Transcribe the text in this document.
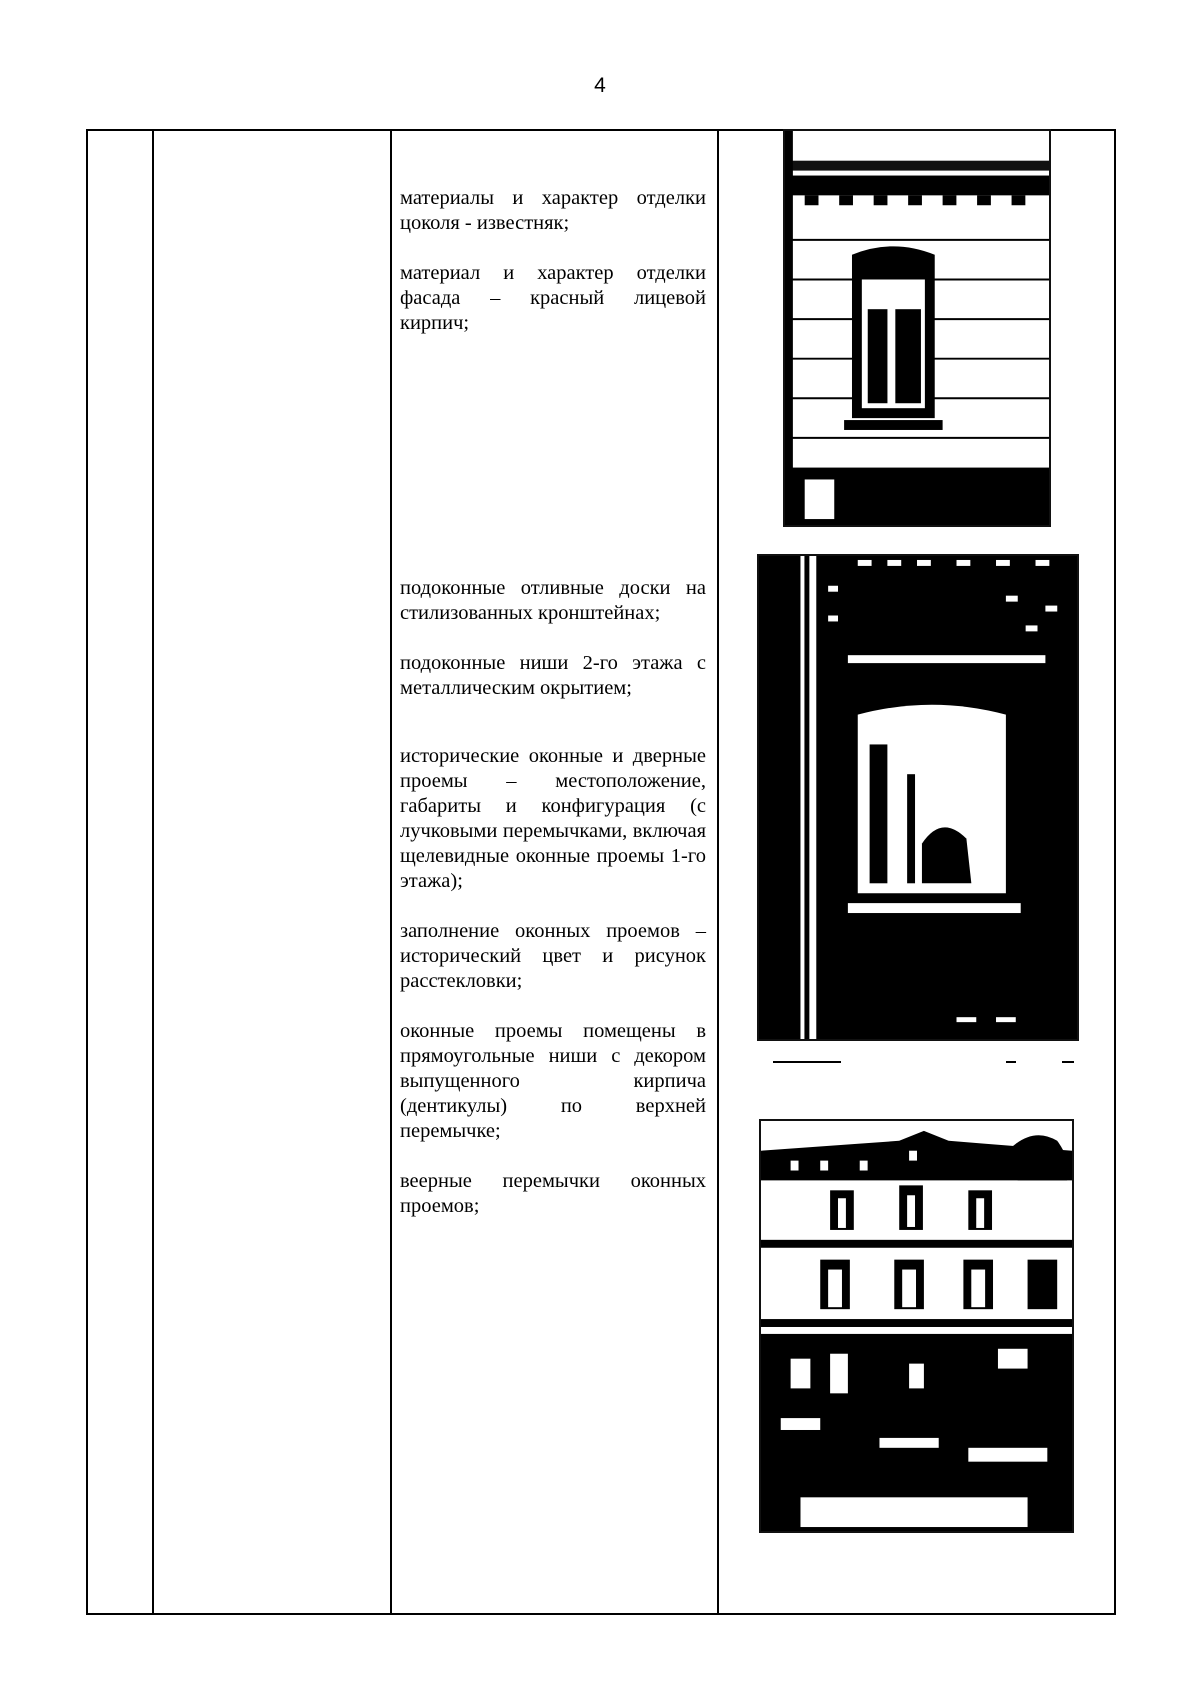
4

материалы и характер отделки цоколя - известняк;

материал и характер отделки фасада – красный лицевой кирпич;

подоконные отливные доски на стилизованных кронштейнах;

подоконные ниши 2-го этажа с металлическим окрытием;

исторические оконные и дверные проемы – местоположение, габариты и конфигурация (с лучковыми перемычками, включая щелевидные оконные проемы 1-го этажа);

заполнение оконных проемов – исторический цвет и рисунок расстекловки;

оконные проемы помещены в прямоугольные ниши с декором выпущенного кирпича (дентикулы) по верхней перемычке;

веерные перемычки оконных проемов;
